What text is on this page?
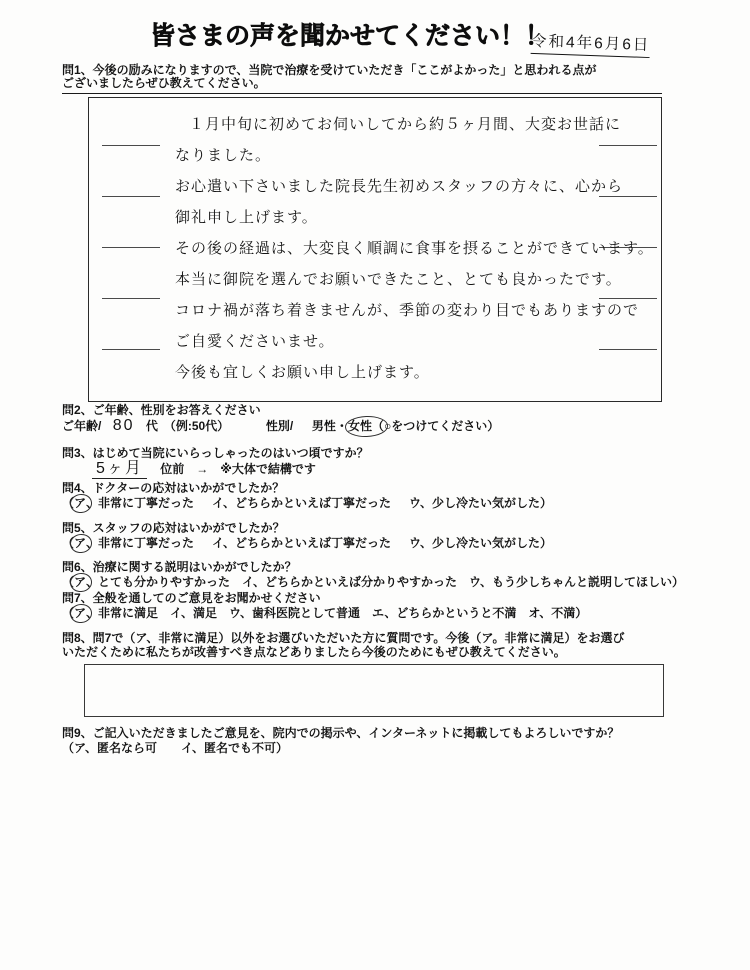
皆さまの声を聞かせてください！！
令和4年6月6日
問1、今後の励みになりますので、当院で治療を受けていただき「ここがよかった」と思われる点が
ございましたらぜひ教えてください。
１月中旬に初めてお伺いしてから約５ヶ月間、大変お世話に
なりました。
お心遣い下さいました院長先生初めスタッフの方々に、心から
御礼申し上げます。
その後の経過は、大変良く順調に食事を摂ることができています。
本当に御院を選んでお願いできたこと、とても良かったです。
コロナ禍が落ち着きませんが、季節の変わり目でもありますので
ご自愛くださいませ。
今後も宜しくお願い申し上げます。
問2、ご年齢、性別をお答えください
ご年齢/ 80 代　（例:50代）	性別/ 男性・女性（○をつけてください）
問3、はじめて当院にいらっしゃったのはいつ頃ですか？
5ヶ月 位前　→　※大体で結構です
問4、ドクターの応対はいかがでしたか？
（ア、非常に丁寧だった イ、どちらかといえば丁寧だった ウ、少し冷たい気がした）
問5、スタッフの応対はいかがでしたか？
（ア、非常に丁寧だった イ、どちらかといえば丁寧だった ウ、少し冷たい気がした）
問6、治療に関する説明はいかがでしたか？
（ア、とても分かりやすかった イ、どちらかといえば分かりやすかった ウ、もう少しちゃんと説明してほしい）
問7、全般を通してのご意見をお聞かせください
（ア、非常に満足 イ、満足 ウ、歯科医院として普通 エ、どちらかというと不満 オ、不満）
問8、問7で（ア、非常に満足）以外をお選びいただいた方に質問です。今後（ア。非常に満足）をお選び
いただくために私たちが改善すべき点などありましたら今後のためにもぜひ教えてください。
問9、ご記入いただきましたご意見を、院内での掲示や、インターネットに掲載してもよろしいですか？
（ア、匿名なら可　　イ、匿名でも不可）
